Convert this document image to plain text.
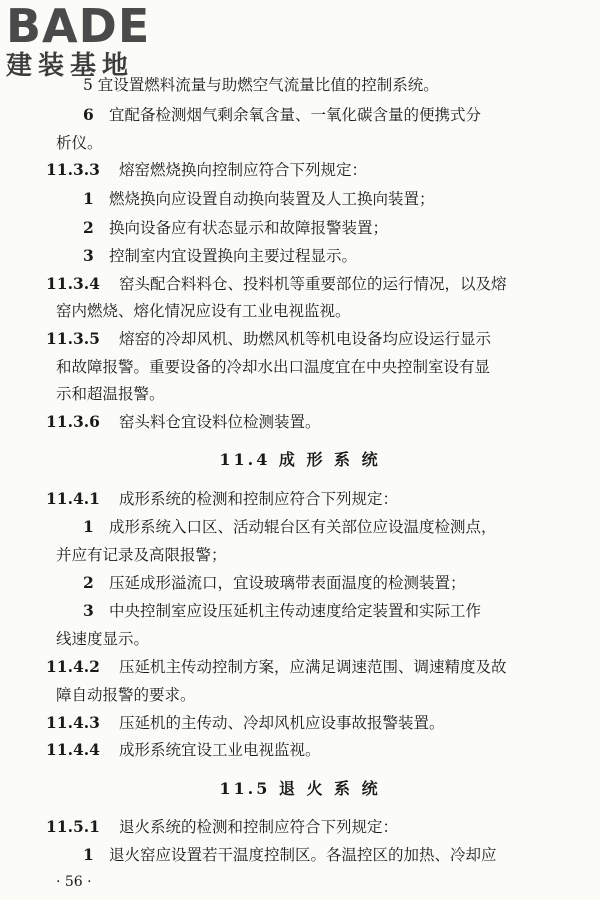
BADE
建装基地
5 宜设置燃料流量与助燃空气流量比值的控制系统。
6 宜配备检测烟气剩余氧含量、一氧化碳含量的便携式分
析仪。
11.3.3 熔窑燃烧换向控制应符合下列规定：
1 燃烧换向应设置自动换向装置及人工换向装置；
2 换向设备应有状态显示和故障报警装置；
3 控制室内宜设置换向主要过程显示。
11.3.4 窑头配合料料仓、投料机等重要部位的运行情况，以及熔
窑内燃烧、熔化情况应设有工业电视监视。
11.3.5 熔窑的冷却风机、助燃风机等机电设备均应设运行显示
和故障报警。重要设备的冷却水出口温度宜在中央控制室设有显
示和超温报警。
11.3.6 窑头料仓宜设料位检测装置。
11.4 成 形 系 统
11.4.1 成形系统的检测和控制应符合下列规定：
1 成形系统入口区、活动辊台区有关部位应设温度检测点，
并应有记录及高限报警；
2 压延成形溢流口，宜设玻璃带表面温度的检测装置；
3 中央控制室应设压延机主传动速度给定装置和实际工作
线速度显示。
11.4.2 压延机主传动控制方案，应满足调速范围、调速精度及故
障自动报警的要求。
11.4.3 压延机的主传动、冷却风机应设事故报警装置。
11.4.4 成形系统宜设工业电视监视。
11.5 退 火 系 统
11.5.1 退火系统的检测和控制应符合下列规定：
1 退火窑应设置若干温度控制区。各温控区的加热、冷却应
· 56 ·
